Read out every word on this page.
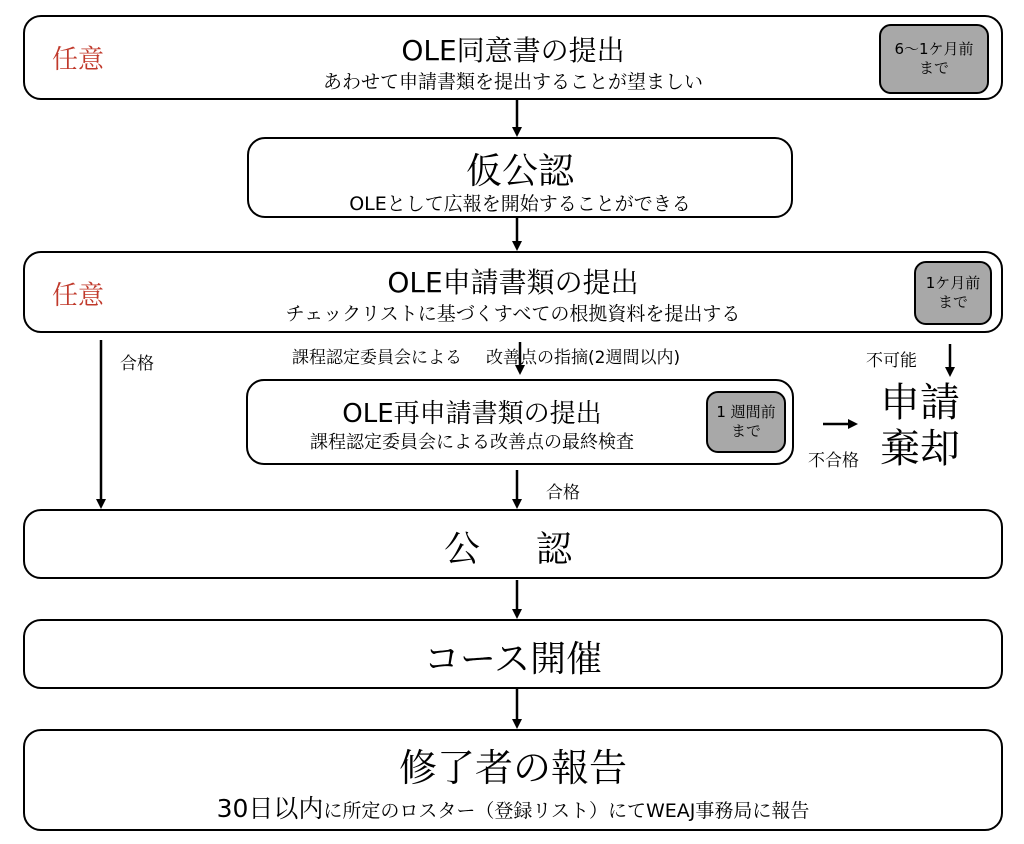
任意	OLE同意書の提出
あわせて申請書類を提出することが望ましい
6〜1ケ月前
まで
仮公認
OLEとして広報を開始することができる
任意	OLE申請書類の提出
チェックリストに基づくすべての根拠資料を提出する
1ケ月前
まで
合格	課程認定委員会による 改善点の指摘(2週間以内)	不可能
OLE再申請書類の提出
課程認定委員会による改善点の最終検査
1 週間前
まで
不合格
申請
棄却
合格
公　認
コース開催
修了者の報告
30日以内に所定のロスター（登録リスト）にてWEAJ事務局に報告
